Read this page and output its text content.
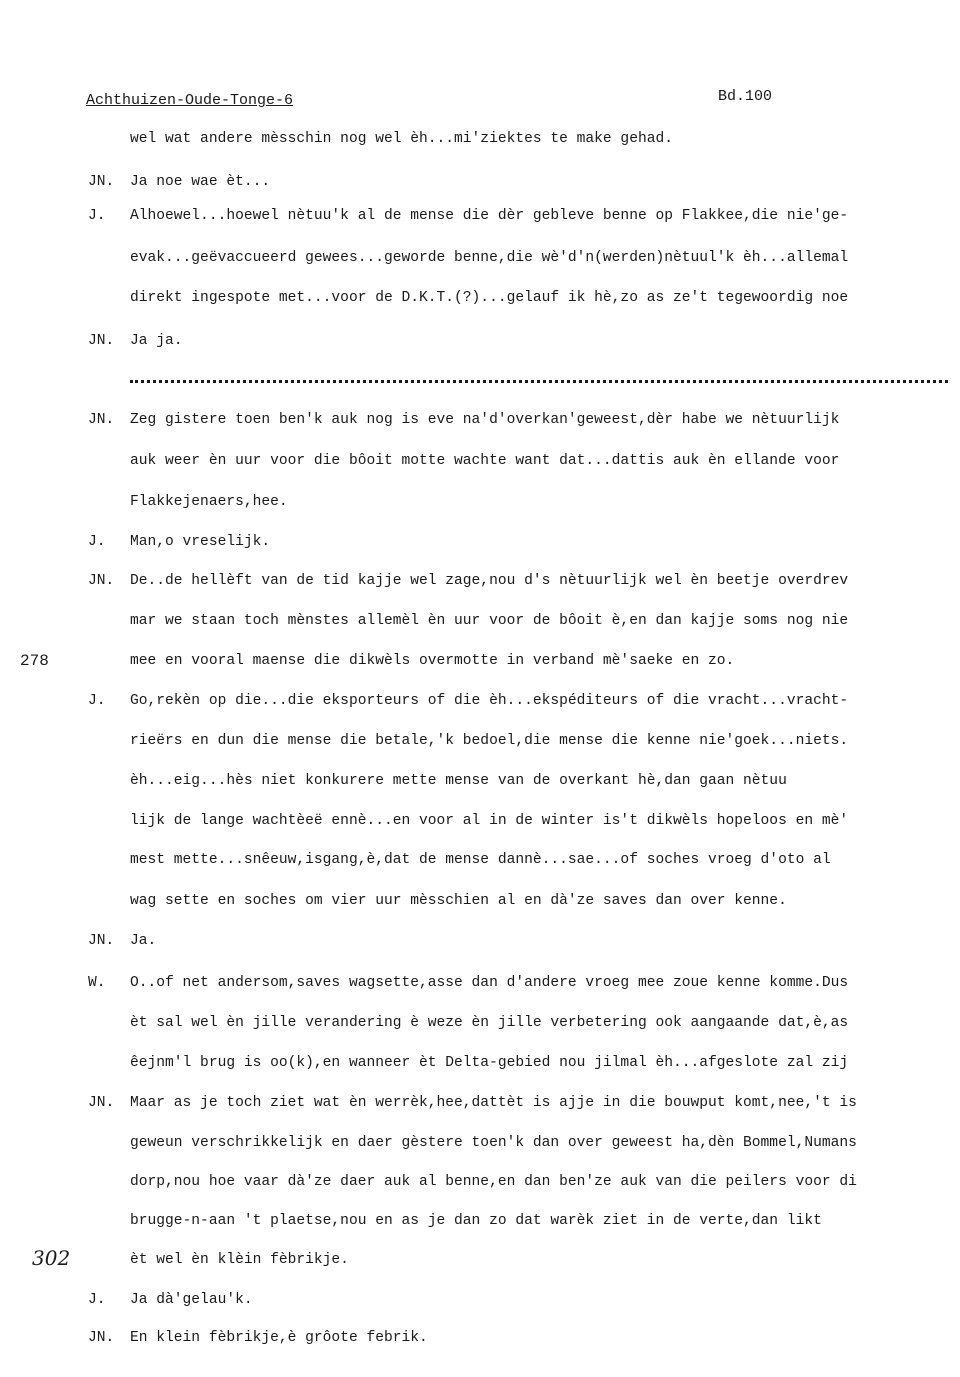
Achthuizen-Oude-Tonge-6	Bd.100
wel wat andere mèsschin nog wel èh...mi'ziektes te make gehad.
JN. Ja noe wae èt...
J. Alhoewel...hoewel nètuu'k al de mense die dèr gebleve benne op Flakkee,die nie'ge-
evak...geëvaccueerd gewees...geworde benne,die wè'd'n(werden)nètuul'k èh...allemal
direkt ingespote met...voor de D.K.T.(?)...gelauf ik hè,zo as ze't tegewoordig noe
JN. Ja ja.
JN. Zeg gistere toen ben'k auk nog is eve na'd'overkan'geweest,dèr habe we nètuurlijk
auk weer èn uur voor die bôoit motte wachte want dat...dattis auk èn ellande voor
Flakkejenaers,hee.
J. Man,o vreselijk.
JN. De..de hellèft van de tid kajje wel zage,nou d's nètuurlijk wel èn beetje overdrev
mar we staan toch mènstes allemèl èn uur voor de bôoit è,en dan kajje soms nog nie
mee en vooral maense die dikwèls overmotte in verband mè'saeke en zo.
J. Go,rekèn op die...die eksporteurs of die èh...ekspéditeurs of die vracht...vracht-
rieërs en dun die mense die betale,'k bedoel,die mense die kenne nie'goek...niets.
èh...eig...hès niet konkurere mette mense van de overkant hè,dan gaan nètuu
lijk de lange wachtèeë ennè...en voor al in de winter is't dikwèls hopeloos en mè'
mest mette...snêeuw,isgang,è,dat de mense dannè...sae...of soches vroeg d'oto al
wag sette en soches om vier uur mèsschien al en dà'ze saves dan over kenne.
JN. Ja.
W. O..of net andersom,saves wagsette,asse dan d'andere vroeg mee zoue kenne komme.Dus
èt sal wel èn jille verandering è weze èn jille verbetering ook aangaande dat,è,as
êejnm'l brug is oo(k),en wanneer èt Delta-gebied nou jilmal èh...afgeslote zal zij
JN. Maar as je toch ziet wat èn werrèk,hee,dattèt is ajje in die bouwput komt,nee,'t is
geweun verschrikkelijk en daer gèstere toen'k dan over geweest ha,dèn Bommel,Numans
dorp,nou hoe vaar dà'ze daer auk al benne,en dan ben'ze auk van die peilers voor di
brugge-n-aan 't plaetse,nou en as je dan zo dat warèk ziet in de verte,dan likt
èt wel èn klèin fèbrikje.
J. Ja dà'gelau'k.
JN. En klein fèbrikje,è grôote febrik.
278
302
